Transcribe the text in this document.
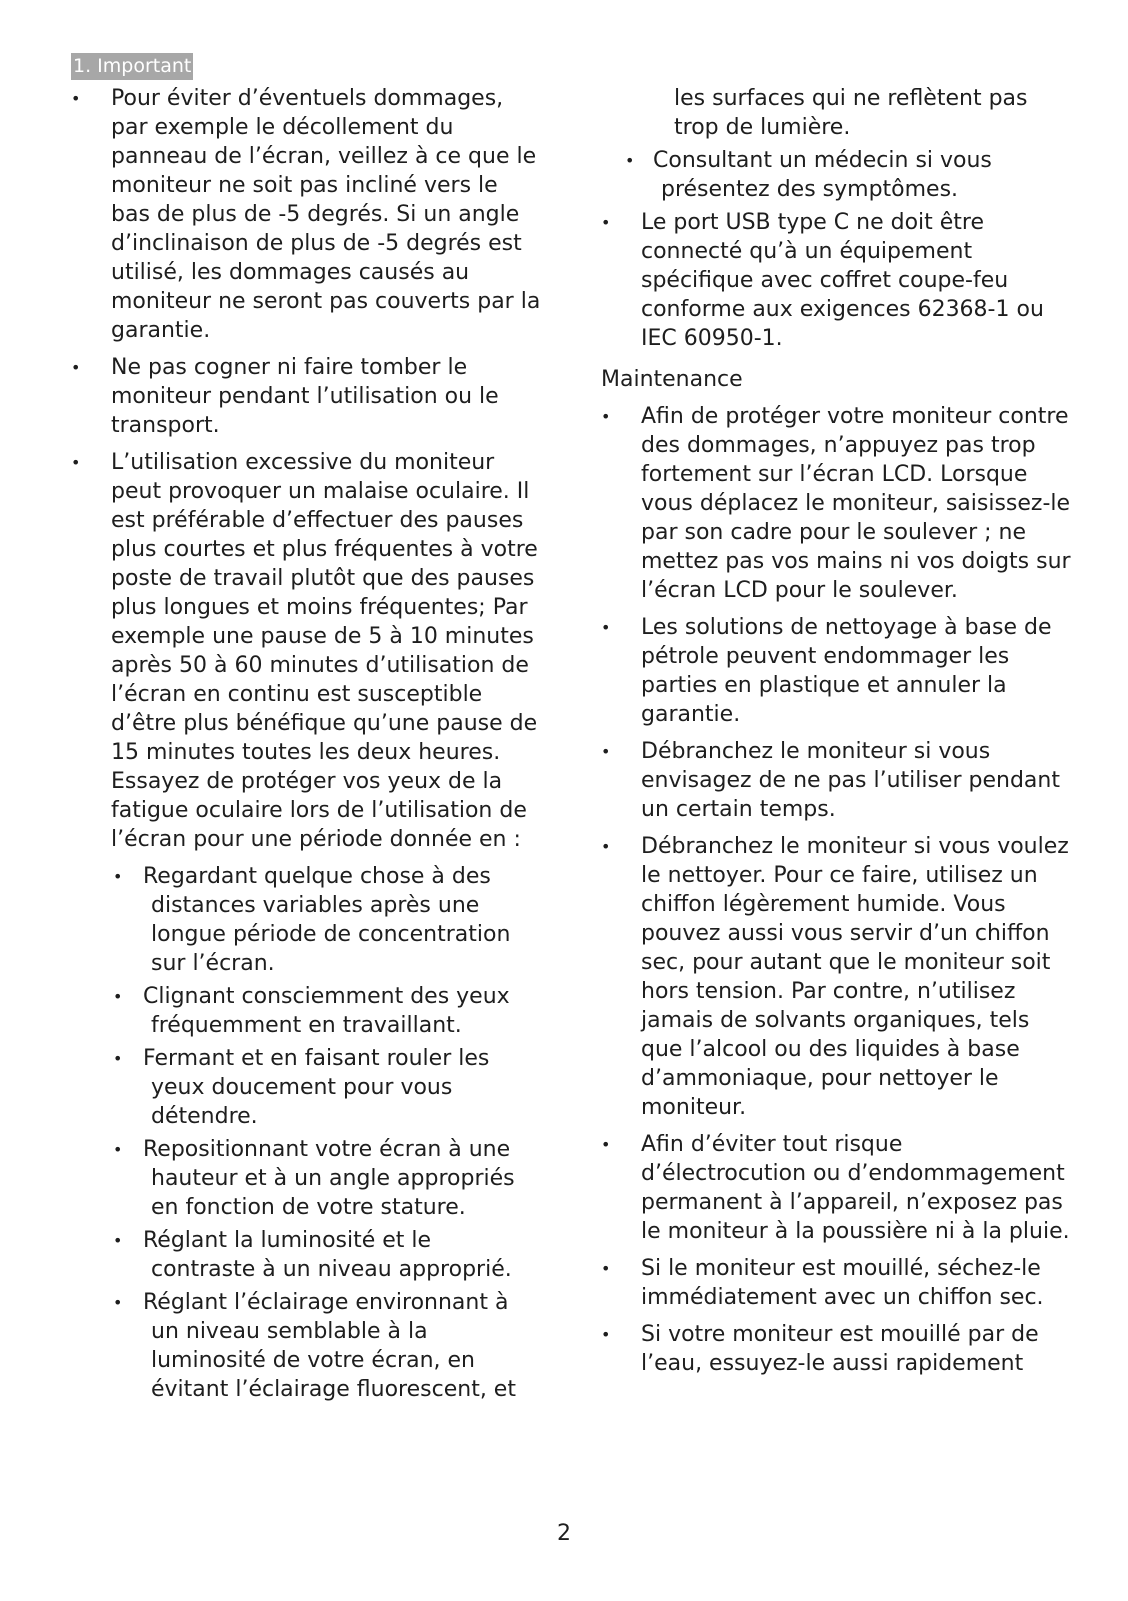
1. Important
• Pour éviter d’éventuels dommages, par exemple le décollement du panneau de l’écran, veillez à ce que le moniteur ne soit pas incliné vers le bas de plus de -5 degrés. Si un angle d’inclinaison de plus de -5 degrés est utilisé, les dommages causés au moniteur ne seront pas couverts par la garantie.
• Ne pas cogner ni faire tomber le moniteur pendant l’utilisation ou le transport.
• L’utilisation excessive du moniteur peut provoquer un malaise oculaire. Il est préférable d’effectuer des pauses plus courtes et plus fréquentes à votre poste de travail plutôt que des pauses plus longues et moins fréquentes; Par exemple une pause de 5 à 10 minutes après 50 à 60 minutes d’utilisation de l’écran en continu est susceptible d’être plus bénéfique qu’une pause de 15 minutes toutes les deux heures. Essayez de protéger vos yeux de la fatigue oculaire lors de l’utilisation de l’écran pour une période donnée en :
• Regardant quelque chose à des distances variables après une longue période de concentration sur l’écran.
• Clignant consciemment des yeux fréquemment en travaillant.
• Fermant et en faisant rouler les yeux doucement pour vous détendre.
• Repositionnant votre écran à une hauteur et à un angle appropriés en fonction de votre stature.
• Réglant la luminosité et le contraste à un niveau approprié.
• Réglant l’éclairage environnant à un niveau semblable à la luminosité de votre écran, en évitant l’éclairage fluorescent, et
les surfaces qui ne reflètent pas trop de lumière.
• Consultant un médecin si vous présentez des symptômes.
• Le port USB type C ne doit être connecté qu’à un équipement spécifique avec coffret coupe-feu conforme aux exigences 62368-1 ou IEC 60950-1.
Maintenance
• Afin de protéger votre moniteur contre des dommages, n’appuyez pas trop fortement sur l’écran LCD. Lorsque vous déplacez le moniteur, saisissez-le par son cadre pour le soulever ; ne mettez pas vos mains ni vos doigts sur l’écran LCD pour le soulever.
• Les solutions de nettoyage à base de pétrole peuvent endommager les parties en plastique et annuler la garantie.
• Débranchez le moniteur si vous envisagez de ne pas l’utiliser pendant un certain temps.
• Débranchez le moniteur si vous voulez le nettoyer. Pour ce faire, utilisez un chiffon légèrement humide. Vous pouvez aussi vous servir d’un chiffon sec, pour autant que le moniteur soit hors tension. Par contre, n’utilisez jamais de solvants organiques, tels que l’alcool ou des liquides à base d’ammoniaque, pour nettoyer le moniteur.
• Afin d’éviter tout risque d’électrocution ou d’endommagement permanent à l’appareil, n’exposez pas le moniteur à la poussière ni à la pluie.
• Si le moniteur est mouillé, séchez-le immédiatement avec un chiffon sec.
• Si votre moniteur est mouillé par de l’eau, essuyez-le aussi rapidement
2
